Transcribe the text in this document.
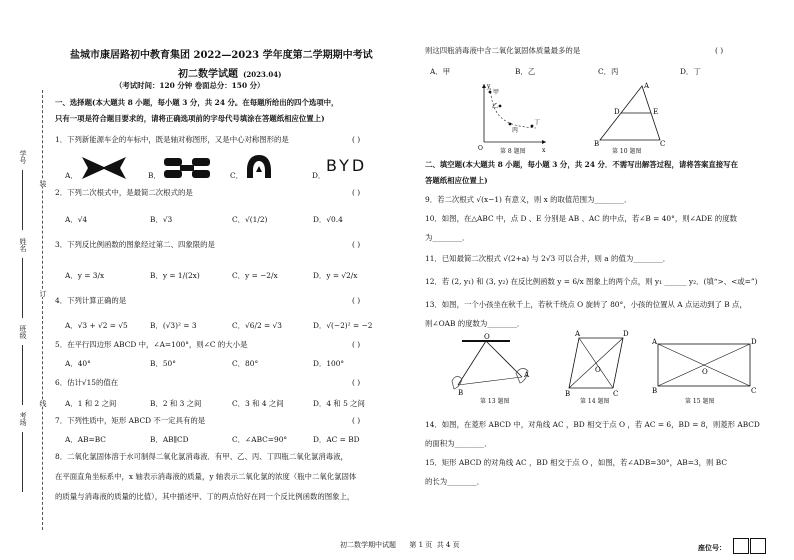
学号
姓名
班级
考场
装
订
线
盐城市康居路初中教育集团 2022—2023 学年度第二学期期中考试
初二数学试题 (2023.04)
（考试时间：120 分钟 卷面总分：150 分）
一、选择题(本大题共 8 小题，每小题 3 分，共 24 分。在每题所给出的四个选项中，
只有一项是符合题目要求的，请将正确选项前的字母代号填涂在答题纸相应位置上)
1．下列新能源车企的车标中，既是轴对称图形，又是中心对称图形的是	( )
A．	B．	C．	D．
BYD
2．下列二次根式中，是最简二次根式的是	( )
A．√4	B．√3	C．√(1/2)	D．√0.4
3．下列反比例函数的图象经过第二、四象限的是	( )
A．y = 3/x	B．y = 1/(2x)	C．y = −2/x	D．y = √2/x
4．下列计算正确的是	( )
A．√3 + √2 = √5	B．(√3)² = 3	C．√6/2 = √3	D．√(−2)² = −2
5．在平行四边形 ABCD 中，∠A=100°，则∠C 的大小是	( )
A．40°	B．50°	C．80°	D．100°
6．估计√15的值在	( )
A．1 和 2 之间	B．2 和 3 之间	C．3 和 4 之间	D．4 和 5 之间
7．下列性质中，矩形 ABCD 不一定具有的是	( )
A．AB=BC	B．AB∥CD	C．∠ABC=90°	D．AC = BD
8．二氧化氯固体溶于水可制得二氧化氯消毒液．有甲、乙、丙、丁四瓶二氧化氯消毒液，
在平面直角坐标系中，x 轴表示消毒液的质量，y 轴表示二氧化氯的浓度（瓶中二氧化氯固体
的质量与消毒液的质量的比值），其中描述甲、丁的两点恰好在同一个反比例函数的图象上，
则这四瓶消毒液中含二氧化氯固体质量最多的是	( )
A．甲	B．乙	C．丙	D．丁
y
x
O
甲
乙
丙
丁
第 8 题图
A
B	C
D	E
第 10 题图
二、填空题(本大题共 8 小题，每小题 3 分，共 24 分．不需写出解答过程，请将答案直接写在
答题纸相应位置上)
9．若二次根式 √(x−1) 有意义，则 x 的取值范围为________．
10．如图，在△ABC 中，点 D 、E 分别是 AB 、AC 的中点，若∠B = 40°，则∠ADE 的度数
为________．
11．已知最简二次根式 √(2+a) 与 2√3 可以合并，则 a 的值为________．
12．若 (2, y₁) 和 (3, y₂) 在反比例函数 y = 6/x 图象上的两个点，则 y₁ ______ y₂．(填“>、<或=”)
13．如图，一个小孩坐在秋千上，若秋千绕点 O 旋转了 80°，小孩的位置从 A 点运动到了 B 点，
则∠OAB 的度数为________．
O
A
B
第 13 题图
A	D
B	C
O
第 14 题图
A	D
B	C
O
第 15 题图
14．如图，在菱形 ABCD 中，对角线 AC ，BD 相交于点 O ，若 AC = 6，BD = 8，则菱形 ABCD
的面积为________．
15．矩形 ABCD 的对角线 AC ，BD 相交于点 O ，如图，若∠ADB=30°，AB=3，则 BC
的长为________．
初二数学期中试题      第 1 页  共 4 页	座位号：
